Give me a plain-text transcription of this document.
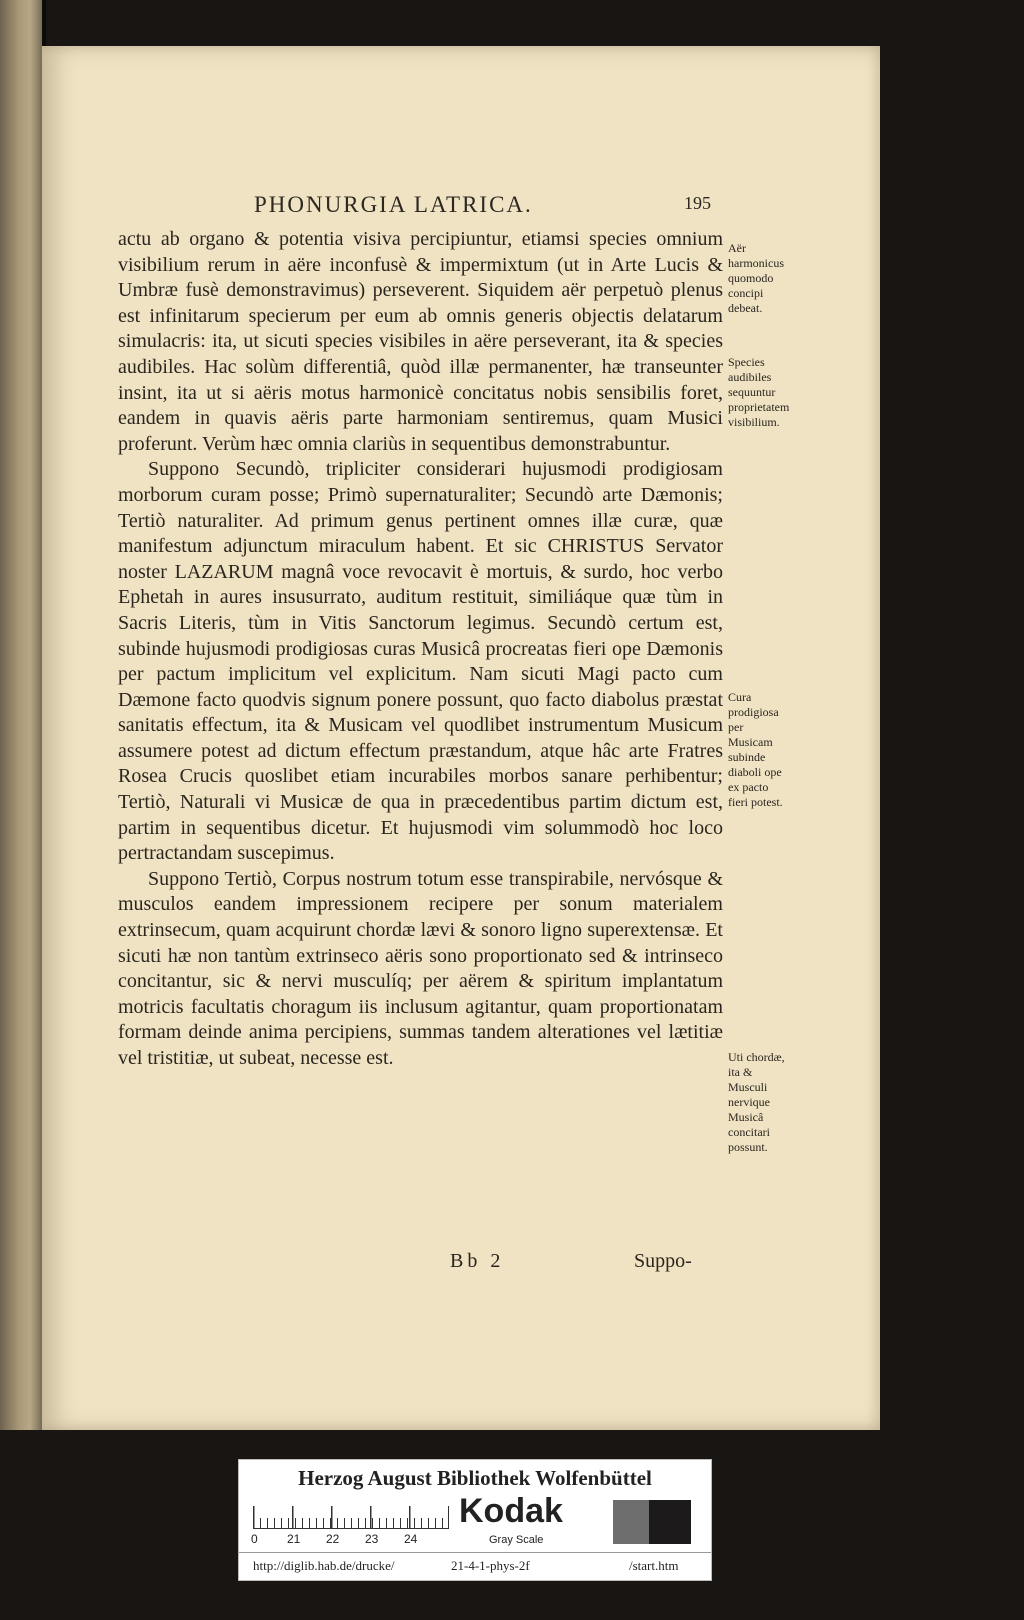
PHONURGIA LATRICA.	195

actu ab organo & potentia visiva percipiuntur, etiamsi species omnium visibilium rerum in aëre inconfusè & impermixtum (ut in Arte Lucis & Umbræ fusè demonstravimus) perseverent. Siquidem aër perpetuò plenus est infinitarum specierum per eum ab omnis generis objectis delatarum simulacris: ita, ut sicuti species visibiles in aëre perseverant, ita & species audibiles. Hac solùm differentiâ, quòd illæ permanenter, hæ transeunter insint, ita ut si aëris motus harmonicè concitatus nobis sensibilis foret, eandem in quavis aëris parte harmoniam sentiremus, quam Musici proferunt. Verùm hæc omnia clariùs in sequentibus demonstrabuntur.

Suppono Secundò, tripliciter considerari hujusmodi prodigiosam morborum curam posse; Primò supernaturaliter; Secundò arte Dæmonis; Tertiò naturaliter. Ad primum genus pertinent omnes illæ curæ, quæ manifestum adjunctum miraculum habent. Et sic CHRISTUS Servator noster LAZARUM magnâ voce revocavit è mortuis, & surdo, hoc verbo Ephetah in aures insusurrato, auditum restituit, similiáque quæ tùm in Sacris Literis, tùm in Vitis Sanctorum legimus. Secundò certum est, subinde hujusmodi prodigiosas curas Musicâ procreatas fieri ope Dæmonis per pactum implicitum vel explicitum. Nam sicuti Magi pacto cum Dæmone facto quodvis signum ponere possunt, quo facto diabolus præstat sanitatis effectum, ita & Musicam vel quodlibet instrumentum Musicum assumere potest ad dictum effectum præstandum, atque hâc arte Fratres Rosea Crucis quoslibet etiam incurabiles morbos sanare perhibentur; Tertiò, Naturali vi Musicæ de qua in præcedentibus partim dictum est, partim in sequentibus dicetur. Et hujusmodi vim solummodò hoc loco pertractandam suscepimus.

Suppono Tertiò, Corpus nostrum totum esse transpirabile, nervósque & musculos eandem impressionem recipere per sonum materialem extrinsecum, quam acquirunt chordæ lævi & sonoro ligno superextensæ. Et sicuti hæ non tantùm extrinseco aëris sono proportionato sed & intrinseco concitantur, sic & nervi musculíq; per aërem & spiritum implantatum motricis facultatis choragum iis inclusum agitantur, quam proportionatam formam deinde anima percipiens, summas tandem alterationes vel lætitiæ vel tristitiæ, ut subeat, necesse est.

Aër harmonicus quomodo concipi debeat.
Species audibiles sequuntur proprietatem visibilium.
Cura prodigiosa per Musicam subinde diaboli ope ex pacto fieri potest.
Uti chordæ, ita & Musculi nervique Musicâ concitari possunt.
Bb 2	Suppo-
Herzog August Bibliothek Wolfenbüttel
0 21 22 23 24
Kodak
Gray Scale
http://diglib.hab.de/drucke/	21-4-1-phys-2f	/start.htm
